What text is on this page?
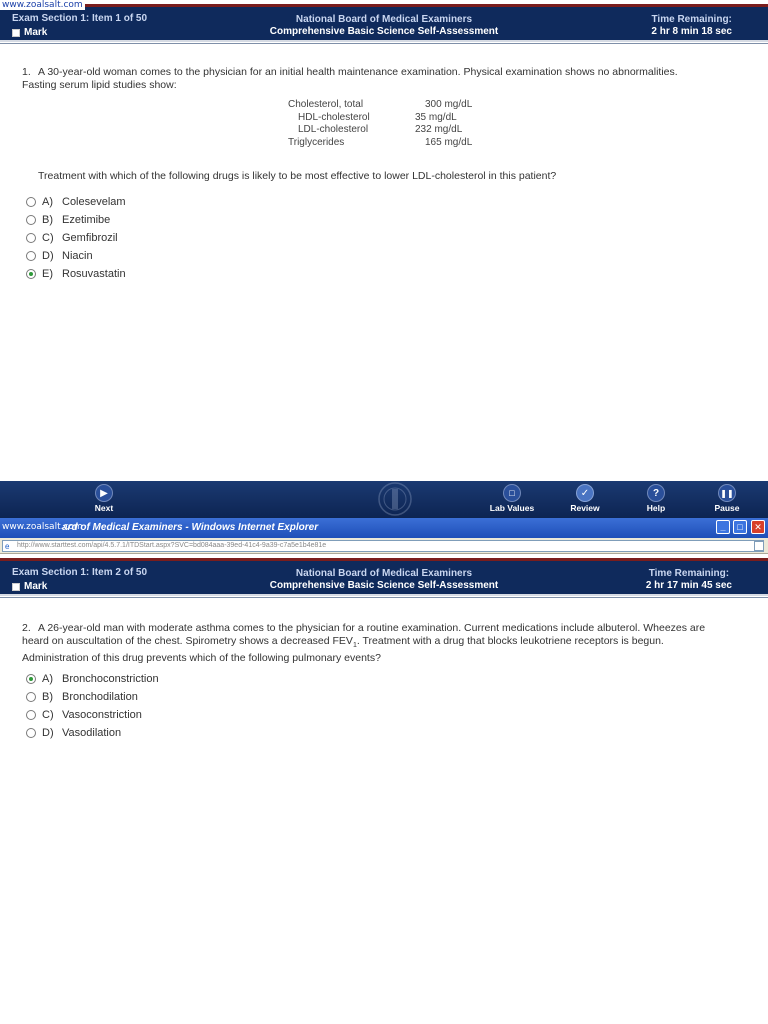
www.zoalsalt.com
Exam Section 1: Item 1 of 50
Mark
National Board of Medical Examiners
Comprehensive Basic Science Self-Assessment
Time Remaining:
2 hr 8 min 18 sec
1. A 30-year-old woman comes to the physician for an initial health maintenance examination. Physical examination shows no abnormalities. Fasting serum lipid studies show:
Cholesterol, total	300 mg/dL
HDL-cholesterol	35 mg/dL
LDL-cholesterol	232 mg/dL
Triglycerides	165 mg/dL
Treatment with which of the following drugs is likely to be most effective to lower LDL-cholesterol in this patient?
A) Colesevelam
B) Ezetimibe
C) Gemfibrozil
D) Niacin
E) Rosuvastatin
▶
Next
□
Lab Values
✓
Review
?
Help
❚❚
Pause
ard of Medical Examiners - Windows Internet Explorer	_	□	✕
www.zoalsalt.com
e	http://www.starttest.com/api/4.5.7.1/ITDStart.aspx?SVC=bd084aaa-39ed-41c4-9a39-c7a5e1b4e81e
Exam Section 1: Item 2 of 50
Mark
National Board of Medical Examiners
Comprehensive Basic Science Self-Assessment
Time Remaining:
2 hr 17 min 45 sec
2. A 26-year-old man with moderate asthma comes to the physician for a routine examination. Current medications include albuterol. Wheezes are heard on auscultation of the chest. Spirometry shows a decreased $FEV_1$. Treatment with a drug that blocks leukotriene receptors is begun. Administration of this drug prevents which of the following pulmonary events?
A) Bronchoconstriction
B) Bronchodilation
C) Vasoconstriction
D) Vasodilation
